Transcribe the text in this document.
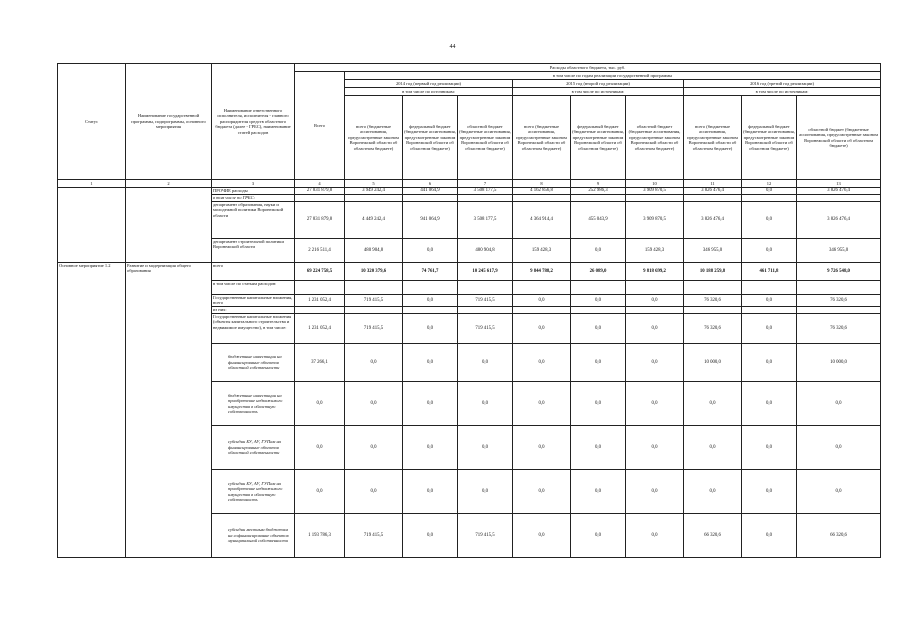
44
Статус	Наименование государственной программы, подпрограммы, основного мероприятия	Наименование ответственного исполнителя, исполнителя - главного распорядителя средств областного бюджета (далее - ГРБС), наименование статей расходов	Расходы областного бюджета, тыс. руб.									
			Всего	в том числе по годам реализации государственной программы								
				2014 год (первый год реализации)			2015 год (второй год реализации)			2016 год (третий год реализации)		
				в том числе по источникам:			в том числе по источникам:			в том числе по источникам:		
				всего (бюджетные ассигнования, предусмотренные законом Воронежской области об областном бюджете)	федеральный бюджет (бюджетные ассигнования, предусмотренные законом Воронежской области об областном бюджете)	областной бюджет (бюджетные ассигнования, предусмотренные законом Воронежской области об областном бюджете)	всего (бюджетные ассигнования, предусмотренные законом Воронежской области об областном бюджете)	федеральный бюджет (бюджетные ассигнования, предусмотренные законом Воронежской области об областном бюджете)	областной бюджет (бюджетные ассигнования, предусмотренные законом Воронежской области об областном бюджете)	всего (бюджетные ассигнования, предусмотренные законом Воронежской области об областном бюджете)	федеральный бюджет (бюджетные ассигнования, предусмотренные законом Воронежской области об областном бюджете)	областной бюджет (бюджетные ассигнования, предусмотренные законом Воронежской области об областном бюджете)
1	2	3	4	5	6	7	8	9	10	11	12	13
		ПРОЧИЕ расходы	27 831 879,8	3 949 242,4	441 064,9	3 508 177,5	4 162 856,8	252 986,3	3 909 870,5	3 826 476,4	0,0	3 826 476,4
		в том числе по ГРБС:										
		департамент образования, науки и молодежной политики Воронежской области	27 831 879,8	4 449 242,4	941 064,9	3 508 177,5	4 364 914,4	455 043,9	3 909 870,5	3 826 476,4	0,0	3 826 476,4
		департамент строительной политики Воронежской области	2 216 511,4	480 904,8	0,0	480 904,8	159 428,3	0,0	159 428,3	346 955,0	0,0	346 955,0
Основное мероприятие 1.2	Развитие и модернизация общего образования	всего	69 224 758,5	10 320 379,6	74 761,7	10 245 617,9	9 844 788,2	26 089,0	9 818 699,2	10 188 259,8	461 711,8	9 726 548,0
		в том числе по статьям расходов:										
		Государственные капитальные вложения, всего	1 231 052,4	719 415,5	0,0	719 415,5	0,0	0,0	0,0	76 320,6	0,0	76 320,6
		из них:										
		Государственные капитальные вложения (объекты капитального строительства и недвижимое имущество), в том числе:	1 231 052,4	719 415,5	0,0	719 415,5	0,0	0,0	0,0	76 320,6	0,0	76 320,6
		бюджетные инвестиции на финансирование объектов областной собственности	37 266,1	0,0	0,0	0,0	0,0	0,0	0,0	10 000,0	0,0	10 000,0
		бюджетные инвестиции на приобретение недвижимого имущества в областную собственность	0,0	0,0	0,0	0,0	0,0	0,0	0,0	0,0	0,0	0,0
		субсидии БУ, АУ, ГУПам на финансирование объектов областной собственности	0,0	0,0	0,0	0,0	0,0	0,0	0,0	0,0	0,0	0,0
		субсидии БУ, АУ, ГУПам на приобретение недвижимого имущества в областную собственность	0,0	0,0	0,0	0,0	0,0	0,0	0,0	0,0	0,0	0,0
		субсидии местным бюджетам на софинансирование объектов муниципальной собственности	1 193 786,3	719 415,5	0,0	719 415,5	0,0	0,0	0,0	66 320,6	0,0	66 320,6
